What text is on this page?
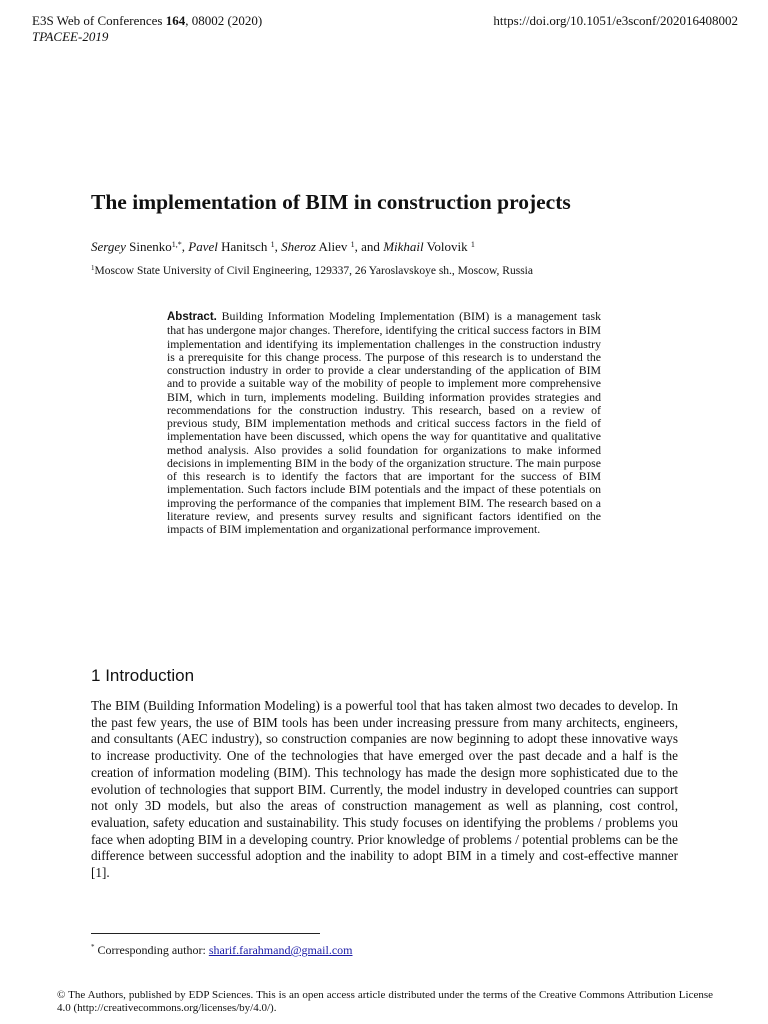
E3S Web of Conferences 164, 08002 (2020)
TPACEE-2019
https://doi.org/10.1051/e3sconf/202016408002
The implementation of BIM in construction projects
Sergey Sinenko$^{1,*}$, Pavel Hanitsch $^1$, Sheroz Aliev $^1$, and Mikhail Volovik $^1$
$^1$Moscow State University of Civil Engineering, 129337, 26 Yaroslavskoye sh., Moscow, Russia
Abstract. Building Information Modeling Implementation (BIM) is a management task that has undergone major changes. Therefore, identifying the critical success factors in BIM implementation and identifying its implementation challenges in the construction industry is a prerequisite for this change process. The purpose of this research is to understand the construction industry in order to provide a clear understanding of the application of BIM and to provide a suitable way of the mobility of people to implement more comprehensive BIM, which in turn, implements modeling. Building information provides strategies and recommendations for the construction industry. This research, based on a review of previous study, BIM implementation methods and critical success factors in the field of implementation have been discussed, which opens the way for quantitative and qualitative method analysis. Also provides a solid foundation for organizations to make informed decisions in implementing BIM in the body of the organization structure. The main purpose of this research is to identify the factors that are important for the success of BIM implementation. Such factors include BIM potentials and the impact of these potentials on improving the performance of the companies that implement BIM. The research based on a literature review, and presents survey results and significant factors identified on the impacts of BIM implementation and organizational performance improvement.
1 Introduction
The BIM (Building Information Modeling) is a powerful tool that has taken almost two decades to develop. In the past few years, the use of BIM tools has been under increasing pressure from many architects, engineers, and consultants (AEC industry), so construction companies are now beginning to adopt these innovative ways to increase productivity. One of the technologies that have emerged over the past decade and a half is the creation of information modeling (BIM). This technology has made the design more sophisticated due to the evolution of technologies that support BIM. Currently, the model industry in developed countries can support not only 3D models, but also the areas of construction management as well as planning, cost control, evaluation, safety education and sustainability. This study focuses on identifying the problems / problems you face when adopting BIM in a developing country. Prior knowledge of problems / potential problems can be the difference between successful adoption and the inability to adopt BIM in a timely and cost-effective manner [1].
* Corresponding author: sharif.farahmand@gmail.com
© The Authors, published by EDP Sciences. This is an open access article distributed under the terms of the Creative Commons Attribution License 4.0 (http://creativecommons.org/licenses/by/4.0/).
